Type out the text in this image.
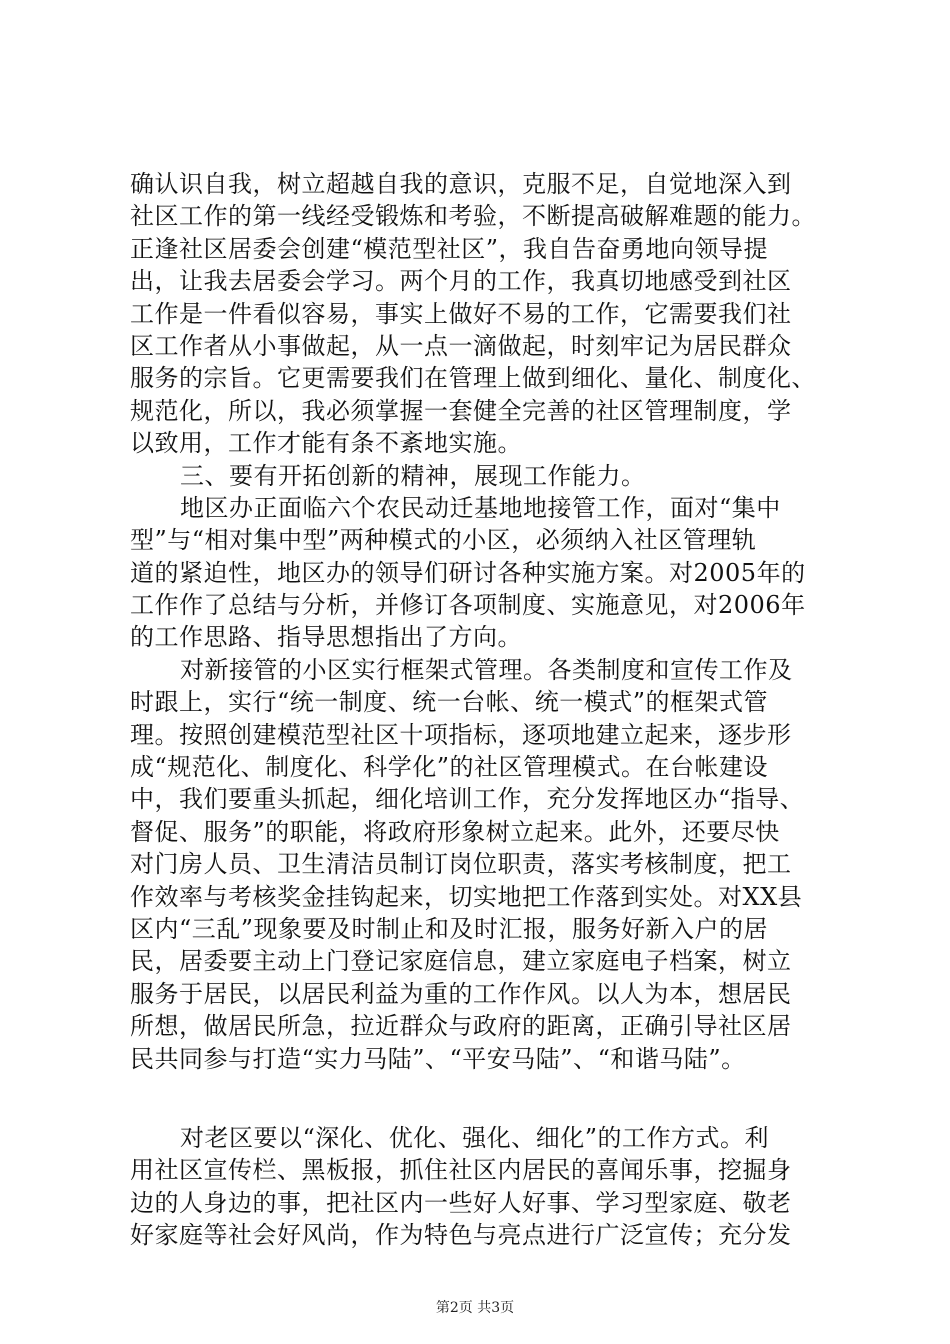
确认识自我，树立超越自我的意识，克服不足，自觉地深入到
社区工作的第一线经受锻炼和考验，不断提高破解难题的能力。
正逢社区居委会创建“模范型社区”，我自告奋勇地向领导提
出，让我去居委会学习。两个月的工作，我真切地感受到社区
工作是一件看似容易，事实上做好不易的工作，它需要我们社
区工作者从小事做起，从一点一滴做起，时刻牢记为居民群众
服务的宗旨。它更需要我们在管理上做到细化、量化、制度化、
规范化，所以，我必须掌握一套健全完善的社区管理制度，学
以致用，工作才能有条不紊地实施。
三、要有开拓创新的精神，展现工作能力。
地区办正面临六个农民动迁基地地接管工作，面对“集中
型”与“相对集中型”两种模式的小区，必须纳入社区管理轨
道的紧迫性，地区办的领导们研讨各种实施方案。对2005年的
工作作了总结与分析，并修订各项制度、实施意见，对2006年
的工作思路、指导思想指出了方向。
对新接管的小区实行框架式管理。各类制度和宣传工作及
时跟上，实行“统一制度、统一台帐、统一模式”的框架式管
理。按照创建模范型社区十项指标，逐项地建立起来，逐步形
成“规范化、制度化、科学化”的社区管理模式。在台帐建设
中，我们要重头抓起，细化培训工作，充分发挥地区办“指导、
督促、服务”的职能，将政府形象树立起来。此外，还要尽快
对门房人员、卫生清洁员制订岗位职责，落实考核制度，把工
作效率与考核奖金挂钩起来，切实地把工作落到实处。对XX县
区内“三乱”现象要及时制止和及时汇报，服务好新入户的居
民，居委要主动上门登记家庭信息，建立家庭电子档案，树立
服务于居民，以居民利益为重的工作作风。以人为本，想居民
所想，做居民所急，拉近群众与政府的距离，正确引导社区居
民共同参与打造“实力马陆”、“平安马陆”、“和谐马陆”。
对老区要以“深化、优化、强化、细化”的工作方式。利
用社区宣传栏、黑板报，抓住社区内居民的喜闻乐事，挖掘身
边的人身边的事，把社区内一些好人好事、学习型家庭、敬老
好家庭等社会好风尚，作为特色与亮点进行广泛宣传；充分发
第2页 共3页
